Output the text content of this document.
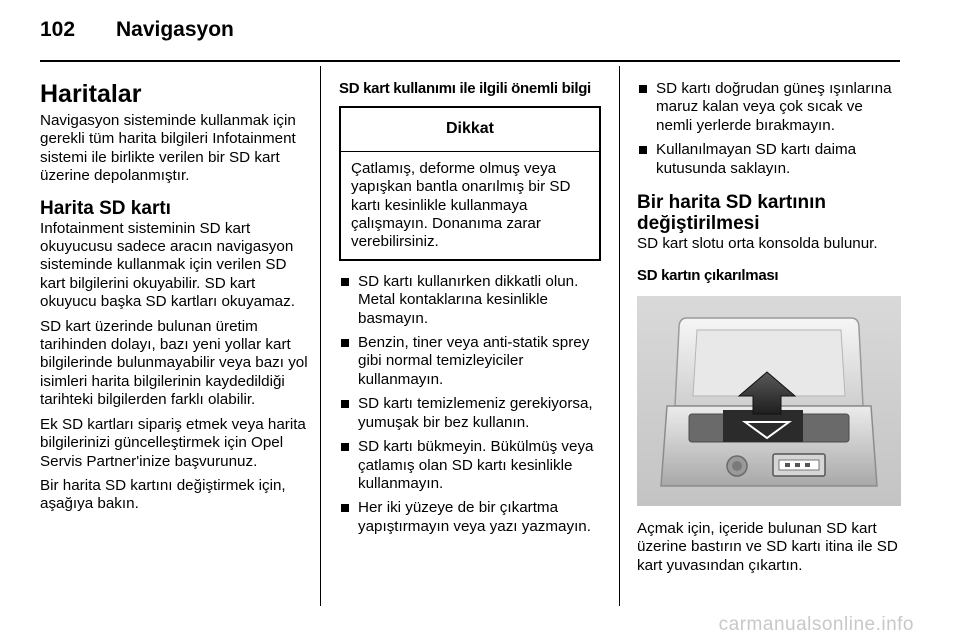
102 Navigasyon
Haritalar

Navigasyon sisteminde kullanmak için gerekli tüm harita bilgileri Infotainment sistemi ile birlikte verilen bir SD kart üzerine depolanmıştır.

Harita SD kartı

Infotainment sisteminin SD kart okuyucusu sadece aracın navigasyon sisteminde kullanmak için verilen SD kart bilgilerini okuyabilir. SD kart okuyucu başka SD kartları okuyamaz.

SD kart üzerinde bulunan üretim tarihinden dolayı, bazı yeni yollar kart bilgilerinde bulunmayabilir veya bazı yol isimleri harita bilgilerinin kaydedildiği tarihteki bilgilerden farklı olabilir.

Ek SD kartları sipariş etmek veya harita bilgilerinizi güncelleştirmek için Opel Servis Partner'inize başvurunuz.

Bir harita SD kartını değiştirmek için, aşağıya bakın.

SD kart kullanımı ile ilgili önemli bilgi
Dikkat
Çatlamış, deforme olmuş veya yapışkan bantla onarılmış bir SD kartı kesinlikle kullanmaya çalışmayın. Donanıma zarar verebilirsiniz.
SD kartı kullanırken dikkatli olun. Metal kontaklarına kesinlikle basmayın.
Benzin, tiner veya anti-statik sprey gibi normal temizleyiciler kullanmayın.
SD kartı temizlemeniz gerekiyorsa, yumuşak bir bez kullanın.
SD kartı bükmeyin. Bükülmüş veya çatlamış olan SD kartı kesinlikle kullanmayın.
Her iki yüzeye de bir çıkartma yapıştırmayın veya yazı yazmayın.
SD kartı doğrudan güneş ışınlarına maruz kalan veya çok sıcak ve nemli yerlerde bırakmayın.
Kullanılmayan SD kartı daima kutusunda saklayın.
Bir harita SD kartının değiştirilmesi

SD kart slotu orta konsolda bulunur.

SD kartın çıkarılması

Açmak için, içeride bulunan SD kart üzerine bastırın ve SD kartı itina ile SD kart yuvasından çıkartın.

carmanualsonline.info
